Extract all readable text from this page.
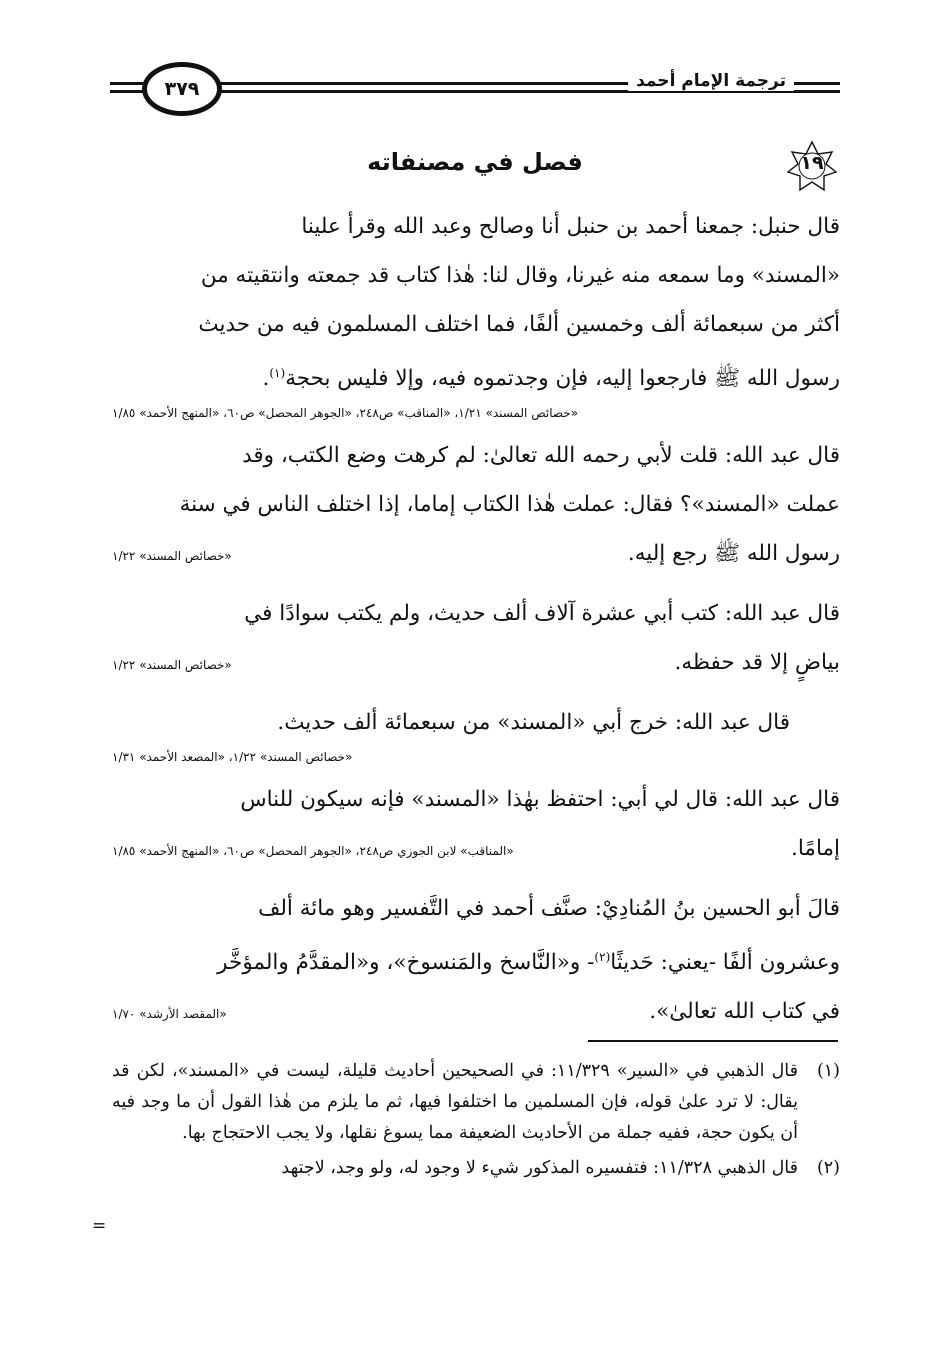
ترجمة الإمام أحمد
٣٧٩
١٩
فصل في مصنفاته
قال حنبل: جمعنا أحمد بن حنبل أنا وصالح وعبد الله وقرأ علينا
«المسند» وما سمعه منه غيرنا، وقال لنا: هٰذا كتاب قد جمعته وانتقيته من
أكثر من سبعمائة ألف وخمسين ألفًا، فما اختلف المسلمون فيه من حديث
رسول الله ﷺ فارجعوا إليه، فإن وجدتموه فيه، وإلا فليس بحجة$^{(١)}$.
«خصائص المسند» ١/٢١، «المناقب» ص٢٤٨، «الجوهر المحصل» ص٦٠، «المنهج الأحمد» ١/٨٥
قال عبد الله: قلت لأبي رحمه الله تعالىٰ: لم كرهت وضع الكتب، وقد
عملت «المسند»؟ فقال: عملت هٰذا الكتاب إماما، إذا اختلف الناس في سنة
رسول الله ﷺ رجع إليه.
«خصائص المسند» ١/٢٢
قال عبد الله: كتب أبي عشرة آلاف ألف حديث، ولم يكتب سوادًا في
بياضٍ إلا قد حفظه.
«خصائص المسند» ١/٢٢
قال عبد الله: خرج أبي «المسند» من سبعمائة ألف حديث.
«خصائص المسند» ١/٢٢، «المصعد الأحمد» ١/٣١
قال عبد الله: قال لي أبي: احتفظ بهٰذا «المسند» فإنه سيكون للناس
إمامًا.
«المناقب» لابن الجوزي ص٢٤٨، «الجوهر المحصل» ص٦٠، «المنهج الأحمد» ١/٨٥
قالَ أبو الحسين بنُ المُنادِيْ: صنَّف أحمد في التَّفسير وهو مائة ألف
وعشرون ألفًا -يعني: حَديثًا$^{(٢)}$- و«النَّاسخ والمَنسوخ»، و«المقدَّمُ والمؤخَّر
في كتاب الله تعالىٰ».
«المقصد الأرشد» ١/٧٠
(١)
قال الذهبي في «السير» ١١/٣٢٩: في الصحيحين أحاديث قليلة، ليست في «المسند»، لكن قد يقال: لا ترد علىٰ قوله، فإن المسلمين ما اختلفوا فيها، ثم ما يلزم من هٰذا القول أن ما وجد فيه أن يكون حجة، ففيه جملة من الأحاديث الضعيفة مما يسوغ نقلها، ولا يجب الاحتجاج بها.
(٢)
قال الذهبي ١١/٣٢٨: فتفسيره المذكور شيء لا وجود له، ولو وجد، لاجتهد
=
